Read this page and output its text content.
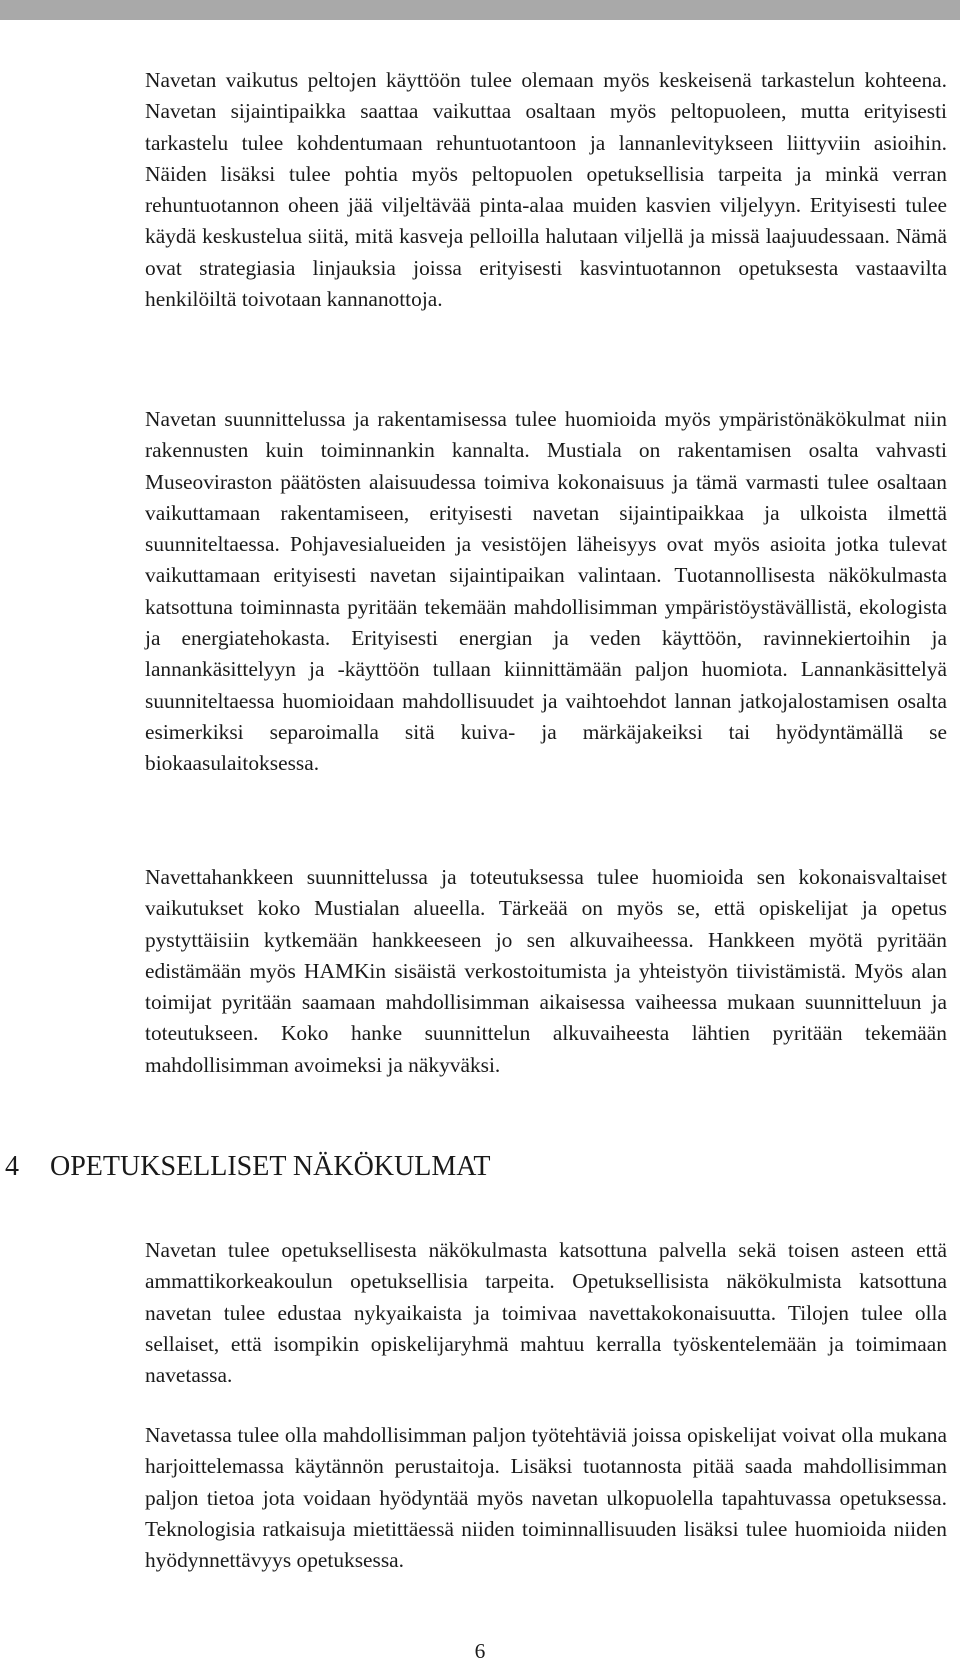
Navetan vaikutus peltojen käyttöön tulee olemaan myös keskeisenä tarkastelun kohteena. Navetan sijaintipaikka saattaa vaikuttaa osaltaan myös peltopuoleen, mutta erityisesti tarkastelu tulee kohdentumaan rehuntuotantoon ja lannanlevitykseen liittyviin asioihin. Näiden lisäksi tulee pohtia myös peltopuolen opetuksellisia tarpeita ja minkä verran rehuntuotannon oheen jää viljeltävää pinta-alaa muiden kasvien viljelyyn. Erityisesti tulee käydä keskustelua siitä, mitä kasveja pelloilla halutaan viljellä ja missä laajuudessaan. Nämä ovat strategiasia linjauksia joissa erityisesti kasvintuotannon opetuksesta vastaavilta henkilöiltä toivotaan kannanottoja.

Navetan suunnittelussa ja rakentamisessa tulee huomioida myös ympäristönäkökulmat niin rakennusten kuin toiminnankin kannalta. Mustiala on rakentamisen osalta vahvasti Museoviraston päätösten alaisuudessa toimiva kokonaisuus ja tämä varmasti tulee osaltaan vaikuttamaan rakentamiseen, erityisesti navetan sijaintipaikkaa ja ulkoista ilmettä suunniteltaessa. Pohjavesialueiden ja vesistöjen läheisyys ovat myös asioita jotka tulevat vaikuttamaan erityisesti navetan sijaintipaikan valintaan. Tuotannollisesta näkökulmasta katsottuna toiminnasta pyritään tekemään mahdollisimman ympäristöystävällistä, ekologista ja energiatehokasta. Erityisesti energian ja veden käyttöön, ravinnekiertoihin ja lannankäsittelyyn ja -käyttöön tullaan kiinnittämään paljon huomiota. Lannankäsittelyä suunniteltaessa huomioidaan mahdollisuudet ja vaihtoehdot lannan jatkojalostamisen osalta esimerkiksi separoimalla sitä kuiva- ja märkäjakeiksi tai hyödyntämällä se biokaasulaitoksessa.

Navettahankkeen suunnittelussa ja toteutuksessa tulee huomioida sen kokonaisvaltaiset vaikutukset koko Mustialan alueella. Tärkeää on myös se, että opiskelijat ja opetus pystyttäisiin kytkemään hankkeeseen jo sen alkuvaiheessa. Hankkeen myötä pyritään edistämään myös HAMKin sisäistä verkostoitumista ja yhteistyön tiivistämistä. Myös alan toimijat pyritään saamaan mahdollisimman aikaisessa vaiheessa mukaan suunnitteluun ja toteutukseen. Koko hanke suunnittelun alkuvaiheesta lähtien pyritään tekemään mahdollisimman avoimeksi ja näkyväksi.

4 OPETUKSELLISET NÄKÖKULMAT

Navetan tulee opetuksellisesta näkökulmasta katsottuna palvella sekä toisen asteen että ammattikorkeakoulun opetuksellisia tarpeita. Opetuksellisista näkökulmista katsottuna navetan tulee edustaa nykyaikaista ja toimivaa navettakokonaisuutta. Tilojen tulee olla sellaiset, että isompikin opiskelijaryhmä mahtuu kerralla työskentelemään ja toimimaan navetassa.

Navetassa tulee olla mahdollisimman paljon työtehtäviä joissa opiskelijat voivat olla mukana harjoittelemassa käytännön perustaitoja. Lisäksi tuotannosta pitää saada mahdollisimman paljon tietoa jota voidaan hyödyntää myös navetan ulkopuolella tapahtuvassa opetuksessa. Teknologisia ratkaisuja mietittäessä niiden toiminnallisuuden lisäksi tulee huomioida niiden hyödynnettävyys opetuksessa.

6
